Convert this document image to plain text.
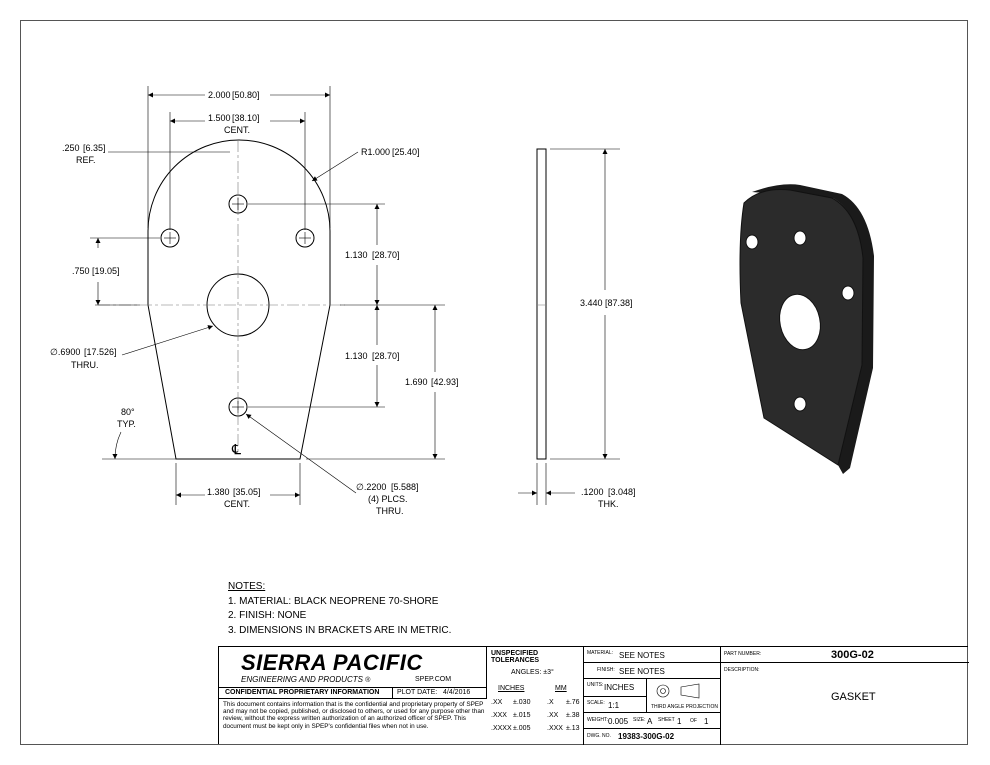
2.000 [50.80]
1.500 [38.10]
CENT.
.250 [6.35]
REF.
R1.000 [25.40]
.750 [19.05]
1.130 [28.70]
1.130 [28.70]
1.690 [42.93]
∅.6900 [17.526]
THRU.
80°
TYP.
℄
1.380 [35.05]
CENT.
∅.2200 [5.588]
(4) PLCS.
THRU.
3.440 [87.38]
.1200 [3.048]
THK.
NOTES:
1. MATERIAL: BLACK NEOPRENE 70-SHORE
2. FINISH: NONE
3. DIMENSIONS IN BRACKETS ARE IN METRIC.
SIERRA PACIFIC
ENGINEERING AND PRODUCTS ®	SPEP.COM
CONFIDENTIAL PROPRIETARY INFORMATION	PLOT DATE: 4/4/2016
This document contains information that is the confidential and proprietary property of SPEP and may not be copied, published, or disclosed to others, or used for any purpose other than review, without the express written authorization of an authorized officer of SPEP. This document must be kept only in SPEP's confidential files when not in use.
UNSPECIFIED TOLERANCES
ANGLES: ±3°
INCHES	MM
.XX ±.030 .X ±.76
.XXX ±.015 .XX ±.38
.XXXX ±.005 .XXX ±.13
MATERIAL: SEE NOTES
FINISH: SEE NOTES
UNITS: INCHES
SCALE: 1:1	THIRD ANGLE PROJECTION
WEIGHT: 0.005 SIZE: A SHEET 1 OF 1
DWG. NO. 19383-300G-02
PART NUMBER:	300G-02
DESCRIPTION:
GASKET
